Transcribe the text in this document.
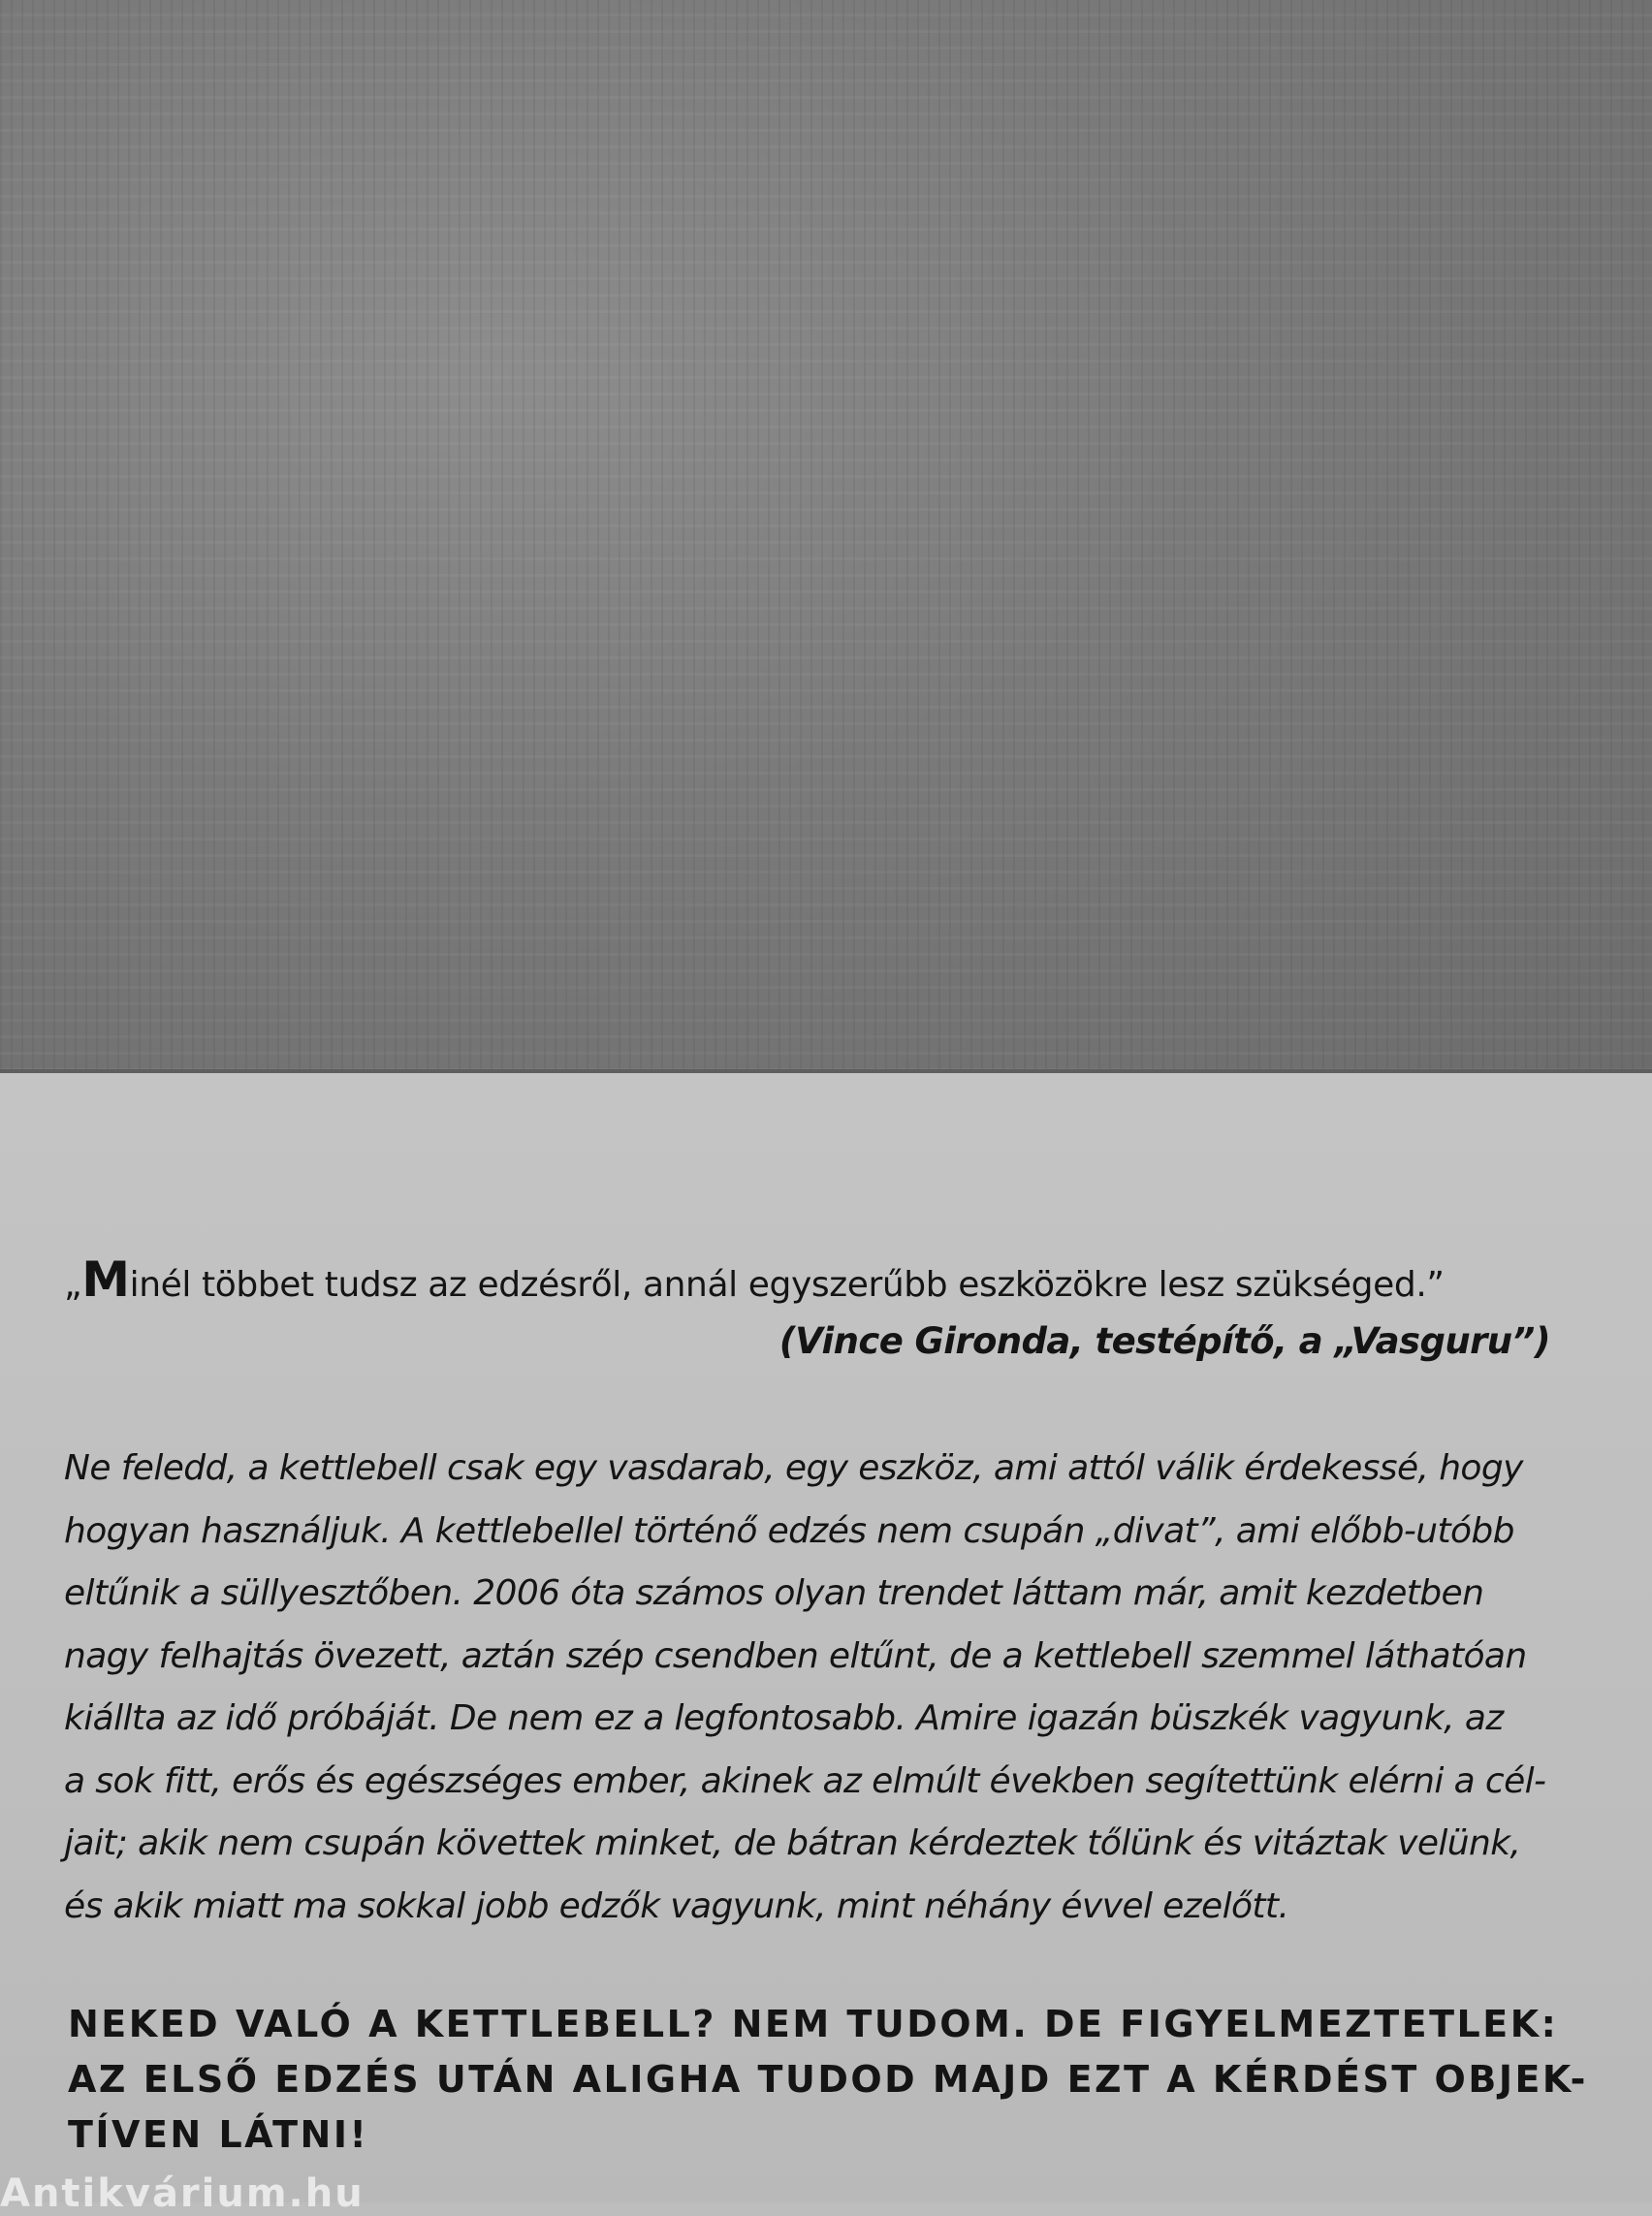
„Minél többet tudsz az edzésről, annál egyszerűbb eszközökre lesz szükséged.”
(Vince Gironda, testépítő, a „Vasguru”)
Ne feledd, a kettlebell csak egy vasdarab, egy eszköz, ami attól válik érdekessé, hogy
hogyan használjuk. A kettlebellel történő edzés nem csupán „divat”, ami előbb-utóbb
eltűnik a süllyesztőben. 2006 óta számos olyan trendet láttam már, amit kezdetben
nagy felhajtás övezett, aztán szép csendben eltűnt, de a kettlebell szemmel láthatóan
kiállta az idő próbáját. De nem ez a legfontosabb. Amire igazán büszkék vagyunk, az
a sok fitt, erős és egészséges ember, akinek az elmúlt években segítettünk elérni a cél-
jait; akik nem csupán követtek minket, de bátran kérdeztek tőlünk és vitáztak velünk,
és akik miatt ma sokkal jobb edzők vagyunk, mint néhány évvel ezelőtt.
NEKED VALÓ A KETTLEBELL? NEM TUDOM. DE FIGYELMEZTETLEK:
AZ ELSŐ EDZÉS UTÁN ALIGHA TUDOD MAJD EZT A KÉRDÉST OBJEK-
TÍVEN LÁTNI!
Antikvárium.hu
